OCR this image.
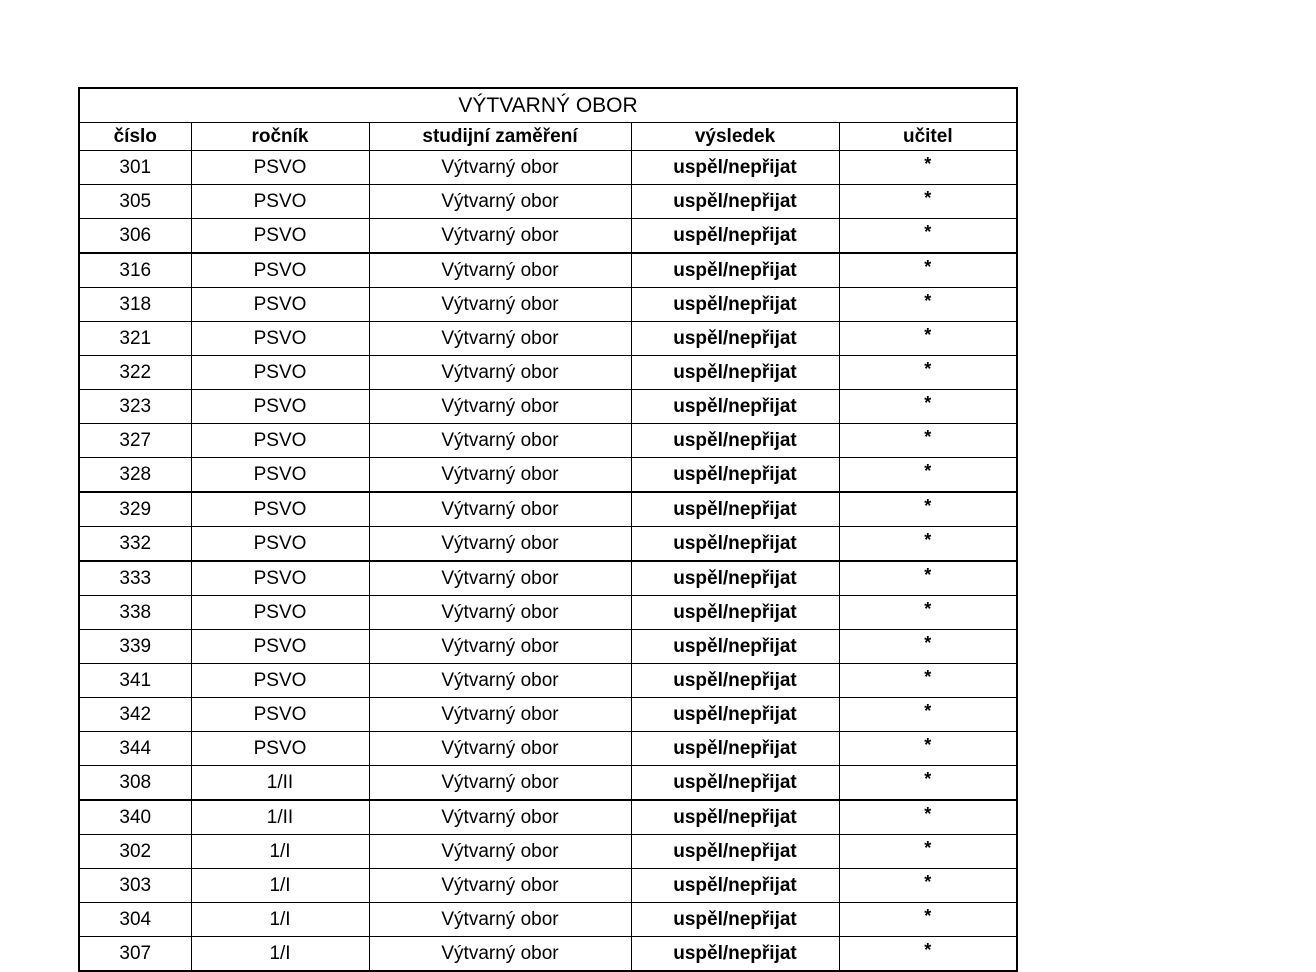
VÝTVARNÝ OBOR				
číslo	ročník	studijní zaměření	výsledek	učitel
301	PSVO	Výtvarný obor	uspěl/nepřijat	*
305	PSVO	Výtvarný obor	uspěl/nepřijat	*
306	PSVO	Výtvarný obor	uspěl/nepřijat	*
316	PSVO	Výtvarný obor	uspěl/nepřijat	*
318	PSVO	Výtvarný obor	uspěl/nepřijat	*
321	PSVO	Výtvarný obor	uspěl/nepřijat	*
322	PSVO	Výtvarný obor	uspěl/nepřijat	*
323	PSVO	Výtvarný obor	uspěl/nepřijat	*
327	PSVO	Výtvarný obor	uspěl/nepřijat	*
328	PSVO	Výtvarný obor	uspěl/nepřijat	*
329	PSVO	Výtvarný obor	uspěl/nepřijat	*
332	PSVO	Výtvarný obor	uspěl/nepřijat	*
333	PSVO	Výtvarný obor	uspěl/nepřijat	*
338	PSVO	Výtvarný obor	uspěl/nepřijat	*
339	PSVO	Výtvarný obor	uspěl/nepřijat	*
341	PSVO	Výtvarný obor	uspěl/nepřijat	*
342	PSVO	Výtvarný obor	uspěl/nepřijat	*
344	PSVO	Výtvarný obor	uspěl/nepřijat	*
308	1/II	Výtvarný obor	uspěl/nepřijat	*
340	1/II	Výtvarný obor	uspěl/nepřijat	*
302	1/I	Výtvarný obor	uspěl/nepřijat	*
303	1/I	Výtvarný obor	uspěl/nepřijat	*
304	1/I	Výtvarný obor	uspěl/nepřijat	*
307	1/I	Výtvarný obor	uspěl/nepřijat	*
